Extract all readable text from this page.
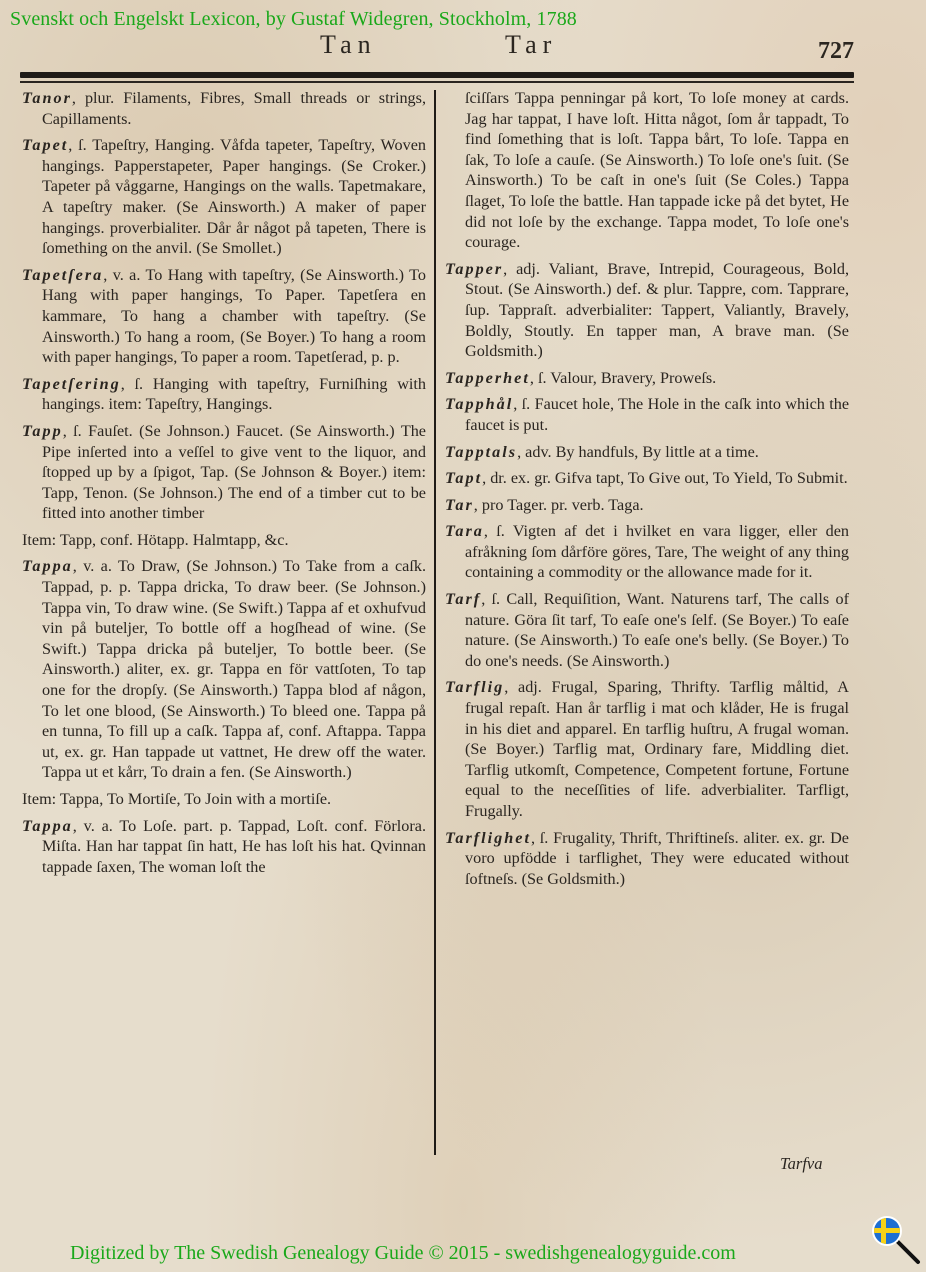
Svenskt och Engelskt Lexicon, by Gustaf Widegren, Stockholm, 1788
Tan	Tar	727

Tanor, plur. Filaments, Fibres, Small threads or strings, Capillaments.

Tapet, ſ. Tapeſtry, Hanging. Våfda tapeter, Tapeſtry, Woven hangings. Papperstapeter, Paper hangings. (Se Croker.) Tapeter på våggarne, Hangings on the walls. Tapetmakare, A tapeſtry maker. (Se Ainsworth.) A maker of paper hangings. proverbialiter. Dår år något på tapeten, There is ſomething on the anvil. (Se Smollet.)

Tapetſera, v. a. To Hang with tapeſtry, (Se Ainsworth.) To Hang with paper hangings, To Paper. Tapetſera en kammare, To hang a chamber with tapeſtry. (Se Ainsworth.) To hang a room, (Se Boyer.) To hang a room with paper hangings, To paper a room. Tapetſerad, p. p.

Tapetſering, ſ. Hanging with tapeſtry, Furniſhing with hangings. item: Tapeſtry, Hangings.

Tapp, ſ. Fauſet. (Se Johnson.) Faucet. (Se Ainsworth.) The Pipe inſerted into a veſſel to give vent to the liquor, and ſtopped up by a ſpigot, Tap. (Se Johnson & Boyer.) item: Tapp, Tenon. (Se Johnson.) The end of a timber cut to be fitted into another timber

Item: Tapp, conf. Hötapp. Halmtapp, &c.

Tappa, v. a. To Draw, (Se Johnson.) To Take from a caſk. Tappad, p. p. Tappa dricka, To draw beer. (Se Johnson.) Tappa vin, To draw wine. (Se Swift.) Tappa af et oxhufvud vin på buteljer, To bottle off a hogſhead of wine. (Se Swift.) Tappa dricka på buteljer, To bottle beer. (Se Ainsworth.) aliter, ex. gr. Tappa en för vattſoten, To tap one for the dropſy. (Se Ainsworth.) Tappa blod af någon, To let one blood, (Se Ainsworth.) To bleed one. Tappa på en tunna, To fill up a caſk. Tappa af, conf. Aftappa. Tappa ut, ex. gr. Han tappade ut vattnet, He drew off the water. Tappa ut et kårr, To drain a fen. (Se Ainsworth.)

Item: Tappa, To Mortiſe, To Join with a mortiſe.

Tappa, v. a. To Loſe. part. p. Tappad, Loſt. conf. Förlora. Miſta. Han har tappat ſin hatt, He has loſt his hat. Qvinnan tappade ſaxen, The woman loſt the

ſciſſars Tappa penningar på kort, To loſe money at cards. Jag har tappat, I have loſt. Hitta något, ſom år tappadt, To find ſomething that is loſt. Tappa bårt, To loſe. Tappa en ſak, To loſe a cauſe. (Se Ainsworth.) To loſe one's ſuit. (Se Ainsworth.) To be caſt in one's ſuit (Se Coles.) Tappa ſlaget, To loſe the battle. Han tappade icke på det bytet, He did not loſe by the exchange. Tappa modet, To loſe one's courage.

Tapper, adj. Valiant, Brave, Intrepid, Courageous, Bold, Stout. (Se Ainsworth.) def. & plur. Tappre, com. Tapprare, ſup. Tappraſt. adverbialiter: Tappert, Valiantly, Bravely, Boldly, Stoutly. En tapper man, A brave man. (Se Goldsmith.)

Tapperhet, ſ. Valour, Bravery, Proweſs.

Tapphål, ſ. Faucet hole, The Hole in the caſk into which the faucet is put.

Tapptals, adv. By handfuls, By little at a time.

Tapt, dr. ex. gr. Gifva tapt, To Give out, To Yield, To Submit.

Tar, pro Tager. pr. verb. Taga.

Tara, ſ. Vigten af det i hvilket en vara ligger, eller den afråkning ſom dårföre göres, Tare, The weight of any thing containing a commodity or the allowance made for it.

Tarf, ſ. Call, Requiſition, Want. Naturens tarf, The calls of nature. Göra ſit tarf, To eaſe one's ſelf. (Se Boyer.) To eaſe nature. (Se Ainsworth.) To eaſe one's belly. (Se Boyer.) To do one's needs. (Se Ainsworth.)

Tarflig, adj. Frugal, Sparing, Thrifty. Tarflig måltid, A frugal repaſt. Han år tarflig i mat och klåder, He is frugal in his diet and apparel. En tarflig huſtru, A frugal woman. (Se Boyer.) Tarflig mat, Ordinary fare, Middling diet. Tarflig utkomſt, Competence, Competent fortune, Fortune equal to the neceſſities of life. adverbialiter. Tarfligt, Frugally.

Tarflighet, ſ. Frugality, Thrift, Thriftineſs. aliter. ex. gr. De voro upfödde i tarflighet, They were educated without ſoftneſs. (Se Goldsmith.)

Tarfva
Digitized by The Swedish Genealogy Guide © 2015 - swedishgenealogyguide.com
